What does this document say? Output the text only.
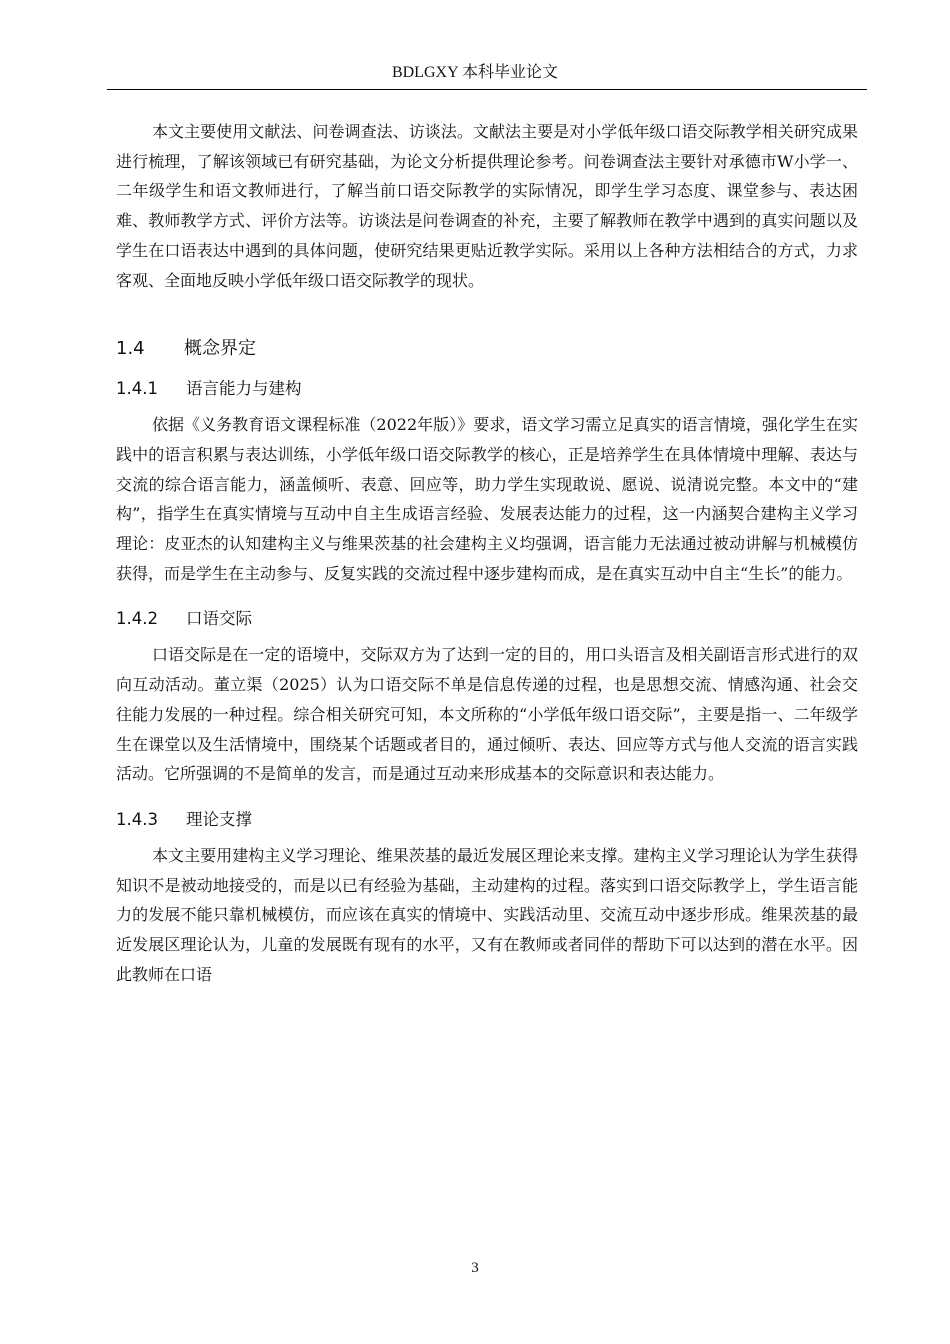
BDLGXY 本科毕业论文

本文主要使用文献法、问卷调查法、访谈法。文献法主要是对小学低年级口语交际教学相关研究成果进行梳理，了解该领域已有研究基础，为论文分析提供理论参考。问卷调查法主要针对承德市W小学一、二年级学生和语文教师进行，了解当前口语交际教学的实际情况，即学生学习态度、课堂参与、表达困难、教师教学方式、评价方法等。访谈法是问卷调查的补充，主要了解教师在教学中遇到的真实问题以及学生在口语表达中遇到的具体问题，使研究结果更贴近教学实际。采用以上各种方法相结合的方式，力求客观、全面地反映小学低年级口语交际教学的现状。

1.4 概念界定
1.4.1 语言能力与建构

依据《义务教育语文课程标准（2022年版）》要求，语文学习需立足真实的语言情境，强化学生在实践中的语言积累与表达训练，小学低年级口语交际教学的核心，正是培养学生在具体情境中理解、表达与交流的综合语言能力，涵盖倾听、表意、回应等，助力学生实现敢说、愿说、说清说完整。本文中的“建构”，指学生在真实情境与互动中自主生成语言经验、发展表达能力的过程，这一内涵契合建构主义学习理论：皮亚杰的认知建构主义与维果茨基的社会建构主义均强调，语言能力无法通过被动讲解与机械模仿获得，而是学生在主动参与、反复实践的交流过程中逐步建构而成，是在真实互动中自主“生长”的能力。

1.4.2 口语交际

口语交际是在一定的语境中，交际双方为了达到一定的目的，用口头语言及相关副语言形式进行的双向互动活动。董立渠（2025）认为口语交际不单是信息传递的过程，也是思想交流、情感沟通、社会交往能力发展的一种过程。综合相关研究可知，本文所称的“小学低年级口语交际”，主要是指一、二年级学生在课堂以及生活情境中，围绕某个话题或者目的，通过倾听、表达、回应等方式与他人交流的语言实践活动。它所强调的不是简单的发言，而是通过互动来形成基本的交际意识和表达能力。

1.4.3 理论支撑

本文主要用建构主义学习理论、维果茨基的最近发展区理论来支撑。建构主义学习理论认为学生获得知识不是被动地接受的，而是以已有经验为基础，主动建构的过程。落实到口语交际教学上，学生语言能力的发展不能只靠机械模仿，而应该在真实的情境中、实践活动里、交流互动中逐步形成。维果茨基的最近发展区理论认为，儿童的发展既有现有的水平，又有在教师或者同伴的帮助下可以达到的潜在水平。因此教师在口语

3
